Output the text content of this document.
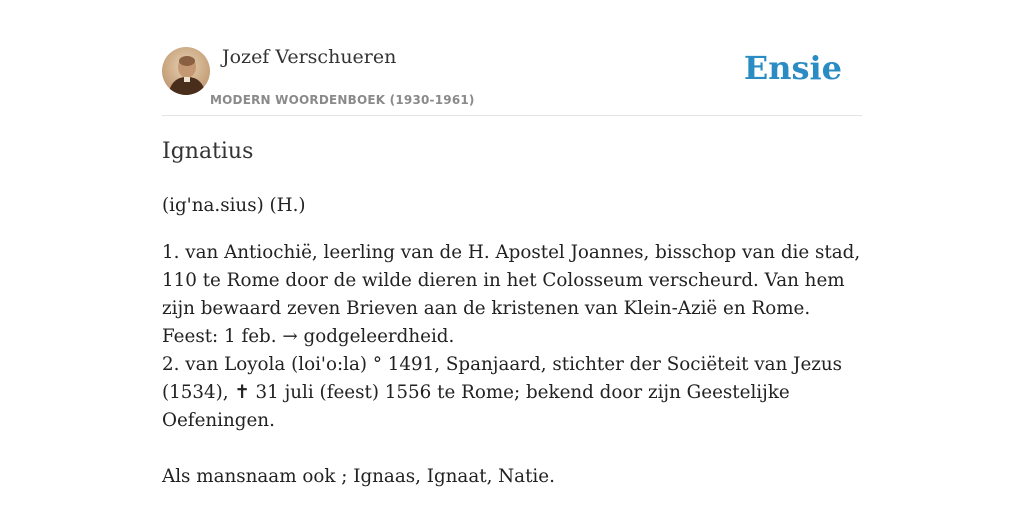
Jozef Verschueren
MODERN WOORDENBOEK (1930-1961)
Ensie
Ignatius

(ig'na.sius) (H.)

1. van Antiochië, leerling van de H. Apostel Joannes, bisschop van die stad, 110 te Rome door de wilde dieren in het Colosseum verscheurd. Van hem zijn bewaard zeven Brieven aan de kristenen van Klein-Azië en Rome. Feest: 1 feb. → godgeleerdheid.

2. van Loyola (loi'o:la) ° 1491, Spanjaard, stichter der Sociëteit van Jezus (1534), ✝ 31 juli (feest) 1556 te Rome; bekend door zijn Geestelijke Oefeningen.

Als mansnaam ook ; Ignaas, Ignaat, Natie.
